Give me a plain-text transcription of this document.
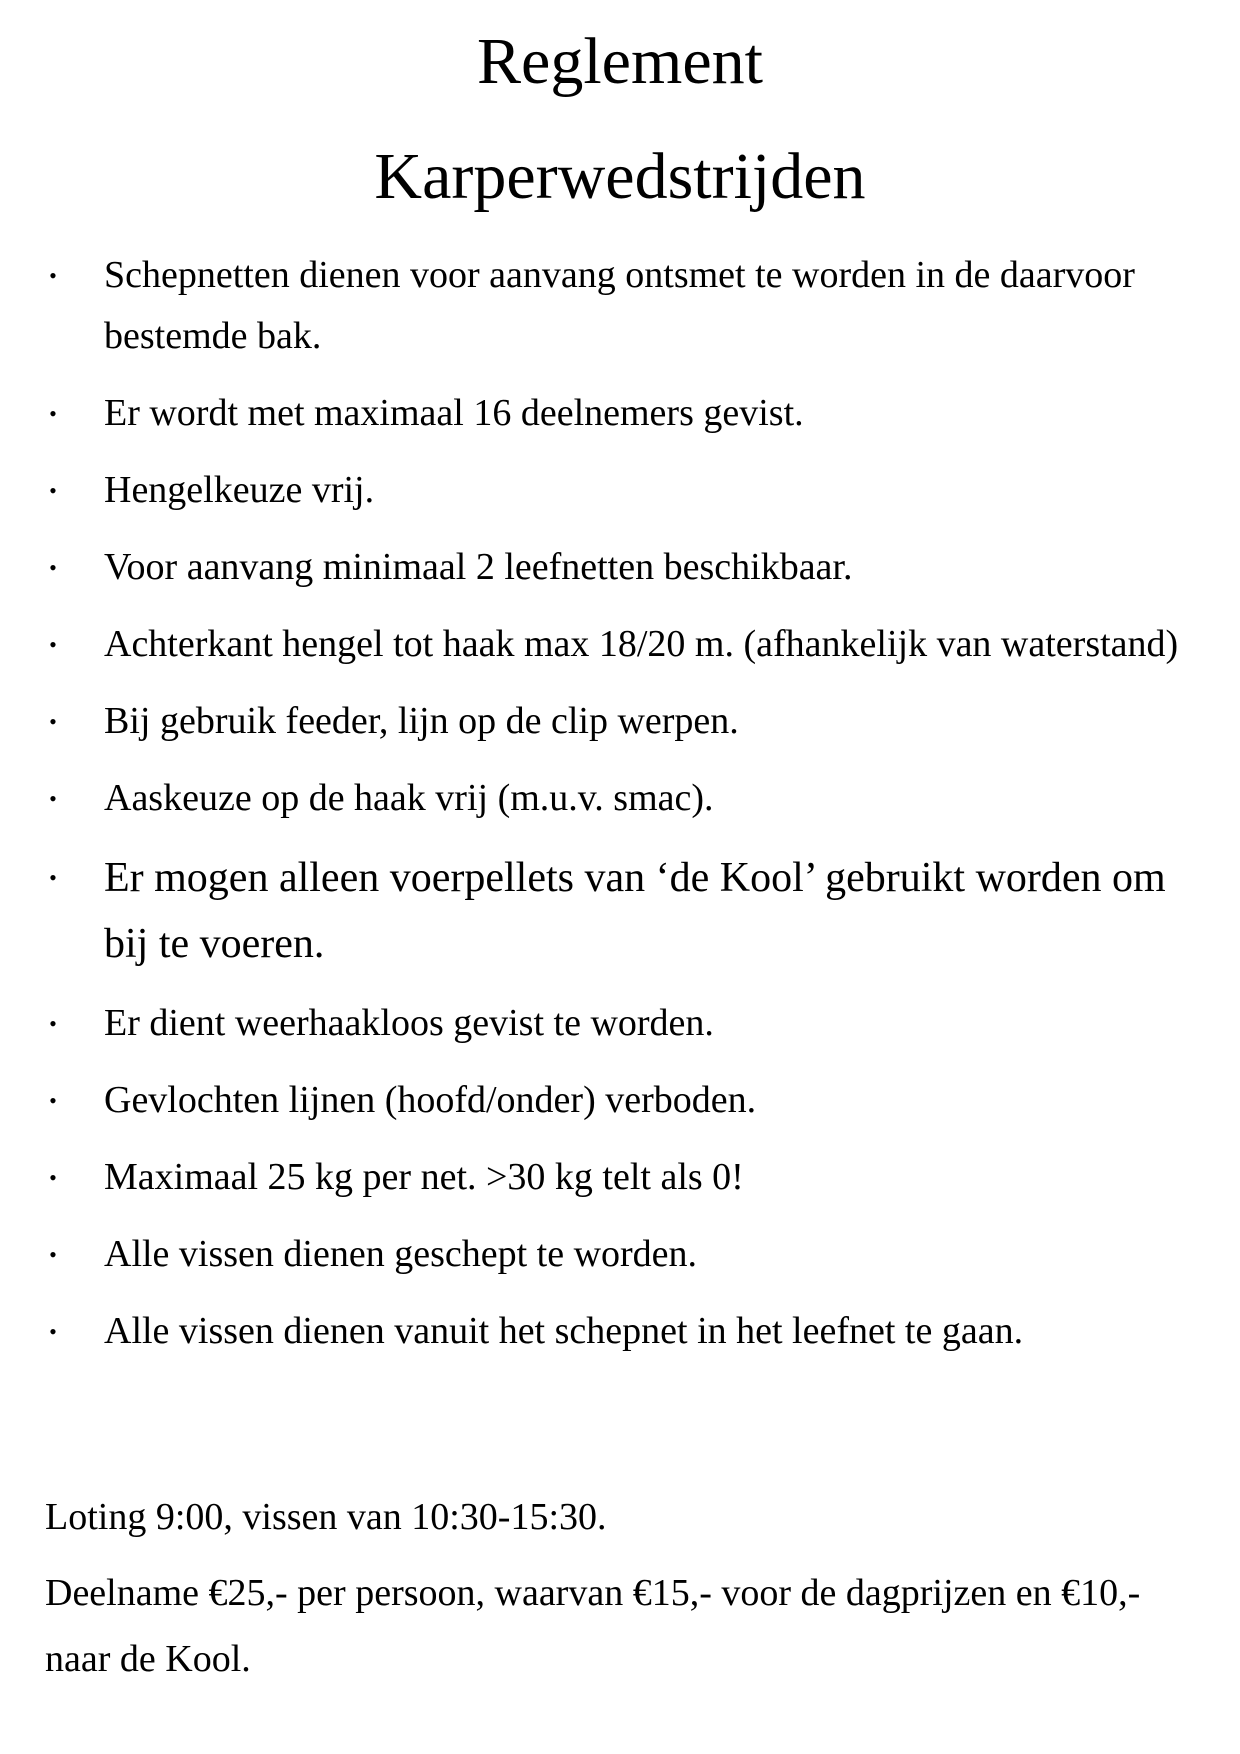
Reglement
Karperwedstrijden
• Schepnetten dienen voor aanvang ontsmet te worden in de daarvoor bestemde bak.
• Er wordt met maximaal 16 deelnemers gevist.
• Hengelkeuze vrij.
• Voor aanvang minimaal 2 leefnetten beschikbaar.
• Achterkant hengel tot haak max 18/20 m. (afhankelijk van waterstand)
• Bij gebruik feeder, lijn op de clip werpen.
• Aaskeuze op de haak vrij (m.u.v. smac).
• Er mogen alleen voerpellets van ‘de Kool’ gebruikt worden om bij te voeren.
• Er dient weerhaakloos gevist te worden.
• Gevlochten lijnen (hoofd/onder) verboden.
• Maximaal 25 kg per net. >30 kg telt als 0!
• Alle vissen dienen geschept te worden.
• Alle vissen dienen vanuit het schepnet in het leefnet te gaan.

Loting 9:00, vissen van 10:30-15:30.

Deelname €25,- per persoon, waarvan €15,- voor de dagprijzen en €10,- naar de Kool.
